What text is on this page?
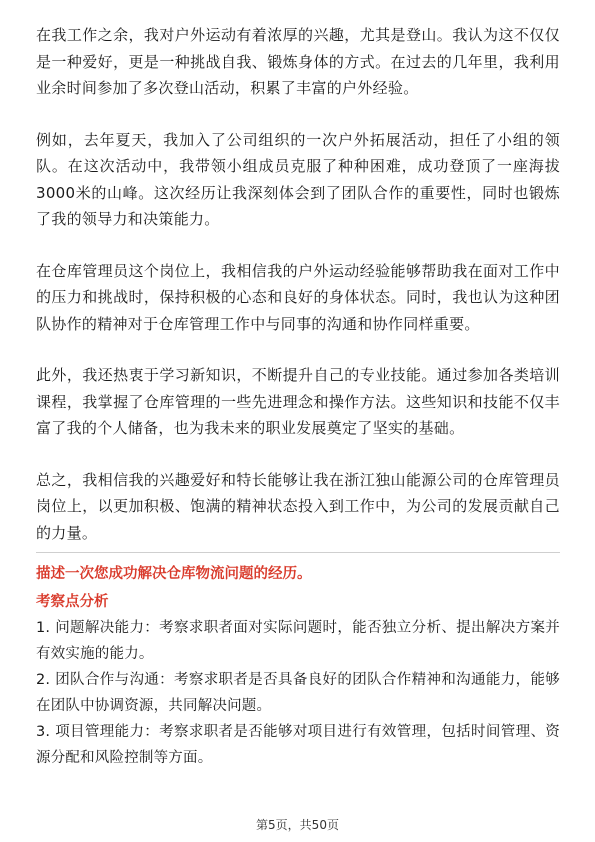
在我工作之余，我对户外运动有着浓厚的兴趣，尤其是登山。我认为这不仅仅是一种爱好，更是一种挑战自我、锻炼身体的方式。在过去的几年里，我利用业余时间参加了多次登山活动，积累了丰富的户外经验。

例如，去年夏天，我加入了公司组织的一次户外拓展活动，担任了小组的领队。在这次活动中，我带领小组成员克服了种种困难，成功登顶了一座海拔3000米的山峰。这次经历让我深刻体会到了团队合作的重要性，同时也锻炼了我的领导力和决策能力。

在仓库管理员这个岗位上，我相信我的户外运动经验能够帮助我在面对工作中的压力和挑战时，保持积极的心态和良好的身体状态。同时，我也认为这种团队协作的精神对于仓库管理工作中与同事的沟通和协作同样重要。

此外，我还热衷于学习新知识，不断提升自己的专业技能。通过参加各类培训课程，我掌握了仓库管理的一些先进理念和操作方法。这些知识和技能不仅丰富了我的个人储备，也为我未来的职业发展奠定了坚实的基础。

总之，我相信我的兴趣爱好和特长能够让我在浙江独山能源公司的仓库管理员岗位上，以更加积极、饱满的精神状态投入到工作中，为公司的发展贡献自己的力量。

描述一次您成功解决仓库物流问题的经历。
考察点分析

1. 问题解决能力：考察求职者面对实际问题时，能否独立分析、提出解决方案并有效实施的能力。

2. 团队合作与沟通：考察求职者是否具备良好的团队合作精神和沟通能力，能够在团队中协调资源，共同解决问题。

3. 项目管理能力：考察求职者是否能够对项目进行有效管理，包括时间管理、资源分配和风险控制等方面。

第5页，共50页
